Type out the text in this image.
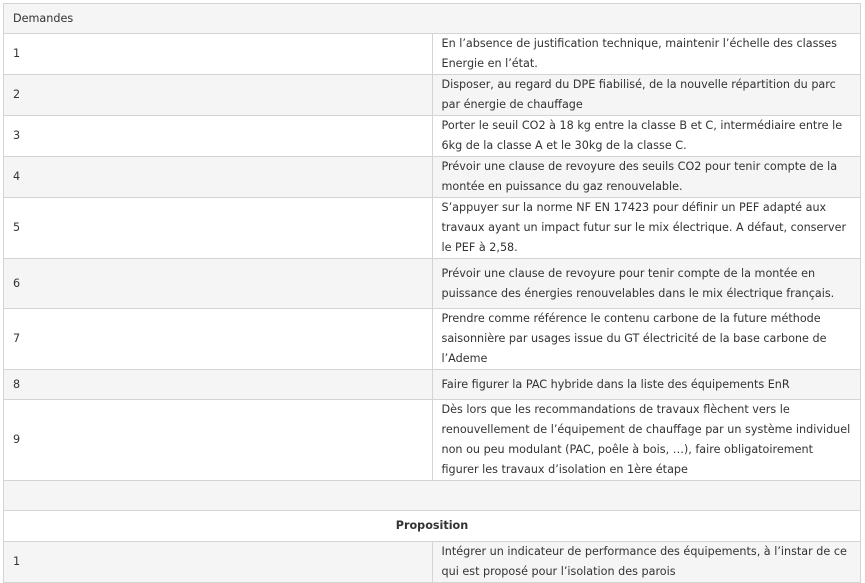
Demandes	
1	En l’absence de justification technique, maintenir l’échelle des classes Energie en l’état.
2	Disposer, au regard du DPE fiabilisé, de la nouvelle répartition du parc par énergie de chauffage
3	Porter le seuil CO2 à 18 kg entre la classe B et C, intermédiaire entre le 6kg de la classe A et le 30kg de la classe C.
4	Prévoir une clause de revoyure des seuils CO2 pour tenir compte de la montée en puissance du gaz renouvelable.
5	S’appuyer sur la norme NF EN 17423 pour définir un PEF adapté aux travaux ayant un impact futur sur le mix électrique. A défaut, conserver le PEF à 2,58.
6	Prévoir une clause de revoyure pour tenir compte de la montée en puissance des énergies renouvelables dans le mix électrique français.
7	Prendre comme référence le contenu carbone de la future méthode saisonnière par usages issue du GT électricité de la base carbone de l’Ademe
8	Faire figurer la PAC hybride dans la liste des équipements EnR
9	Dès lors que les recommandations de travaux flèchent vers le renouvellement de l’équipement de chauffage par un système individuel non ou peu modulant (PAC, poêle à bois, …), faire obligatoirement figurer les travaux d’isolation en 1ère étape

Proposition	
1	Intégrer un indicateur de performance des équipements, à l’instar de ce qui est proposé pour l’isolation des parois
